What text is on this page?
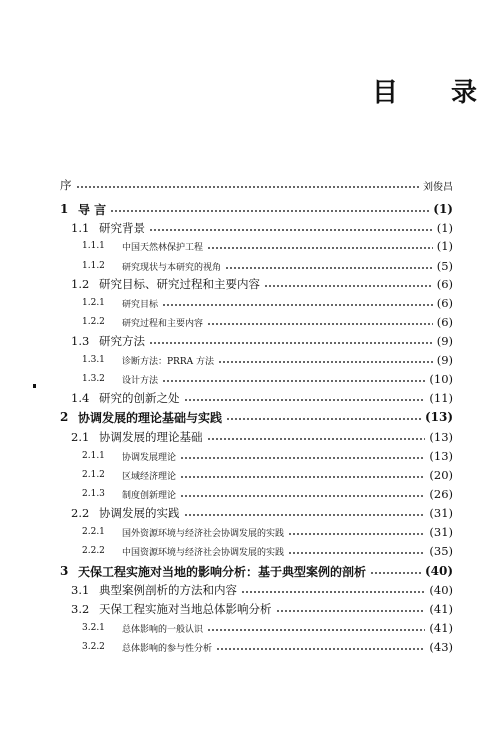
目 录
序	刘俊昌
1 导 言	(1)
1.1 研究背景	(1)
1.1.1	中国天然林保护工程	(1)
1.1.2	研究现状与本研究的视角	(5)
1.2 研究目标、研究过程和主要内容	(6)
1.2.1	研究目标	(6)
1.2.2	研究过程和主要内容	(6)
1.3 研究方法	(9)
1.3.1	诊断方法：PRRA 方法	(9)
1.3.2	设计方法	(10)
1.4 研究的创新之处	(11)
2 协调发展的理论基础与实践	(13)
2.1 协调发展的理论基础	(13)
2.1.1	协调发展理论	(13)
2.1.2	区域经济理论	(20)
2.1.3	制度创新理论	(26)
2.2 协调发展的实践	(31)
2.2.1	国外资源环境与经济社会协调发展的实践	(31)
2.2.2	中国资源环境与经济社会协调发展的实践	(35)
3 天保工程实施对当地的影响分析：基于典型案例的剖析	(40)
3.1 典型案例剖析的方法和内容	(40)
3.2 天保工程实施对当地总体影响分析	(41)
3.2.1	总体影响的一般认识	(41)
3.2.2	总体影响的参与性分析	(43)
